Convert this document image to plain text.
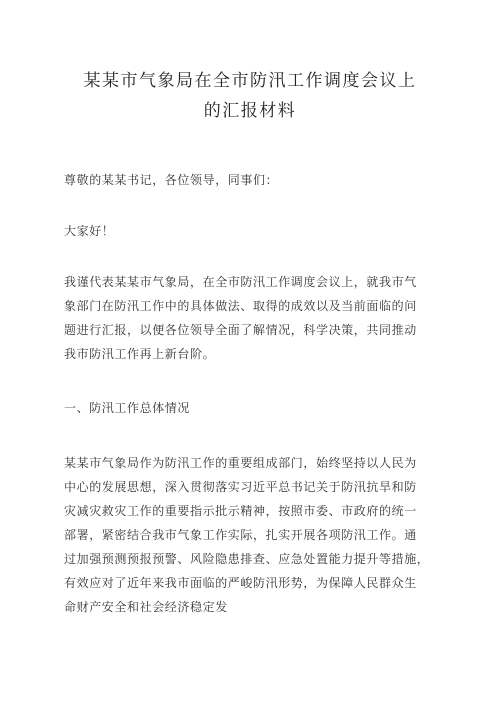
某某市气象局在全市防汛工作调度会议上
的汇报材料
尊敬的某某书记，各位领导，同事们：
大家好！
我谨代表某某市气象局，在全市防汛工作调度会议上，就我市气
象部门在防汛工作中的具体做法、取得的成效以及当前面临的问
题进行汇报，以便各位领导全面了解情况，科学决策，共同推动
我市防汛工作再上新台阶。
一、防汛工作总体情况
某某市气象局作为防汛工作的重要组成部门，始终坚持以人民为
中心的发展思想，深入贯彻落实习近平总书记关于防汛抗旱和防
灾减灾救灾工作的重要指示批示精神，按照市委、市政府的统一
部署，紧密结合我市气象工作实际，扎实开展各项防汛工作。通
过加强预测预报预警、风险隐患排查、应急处置能力提升等措施，
有效应对了近年来我市面临的严峻防汛形势，为保障人民群众生
命财产安全和社会经济稳定发
